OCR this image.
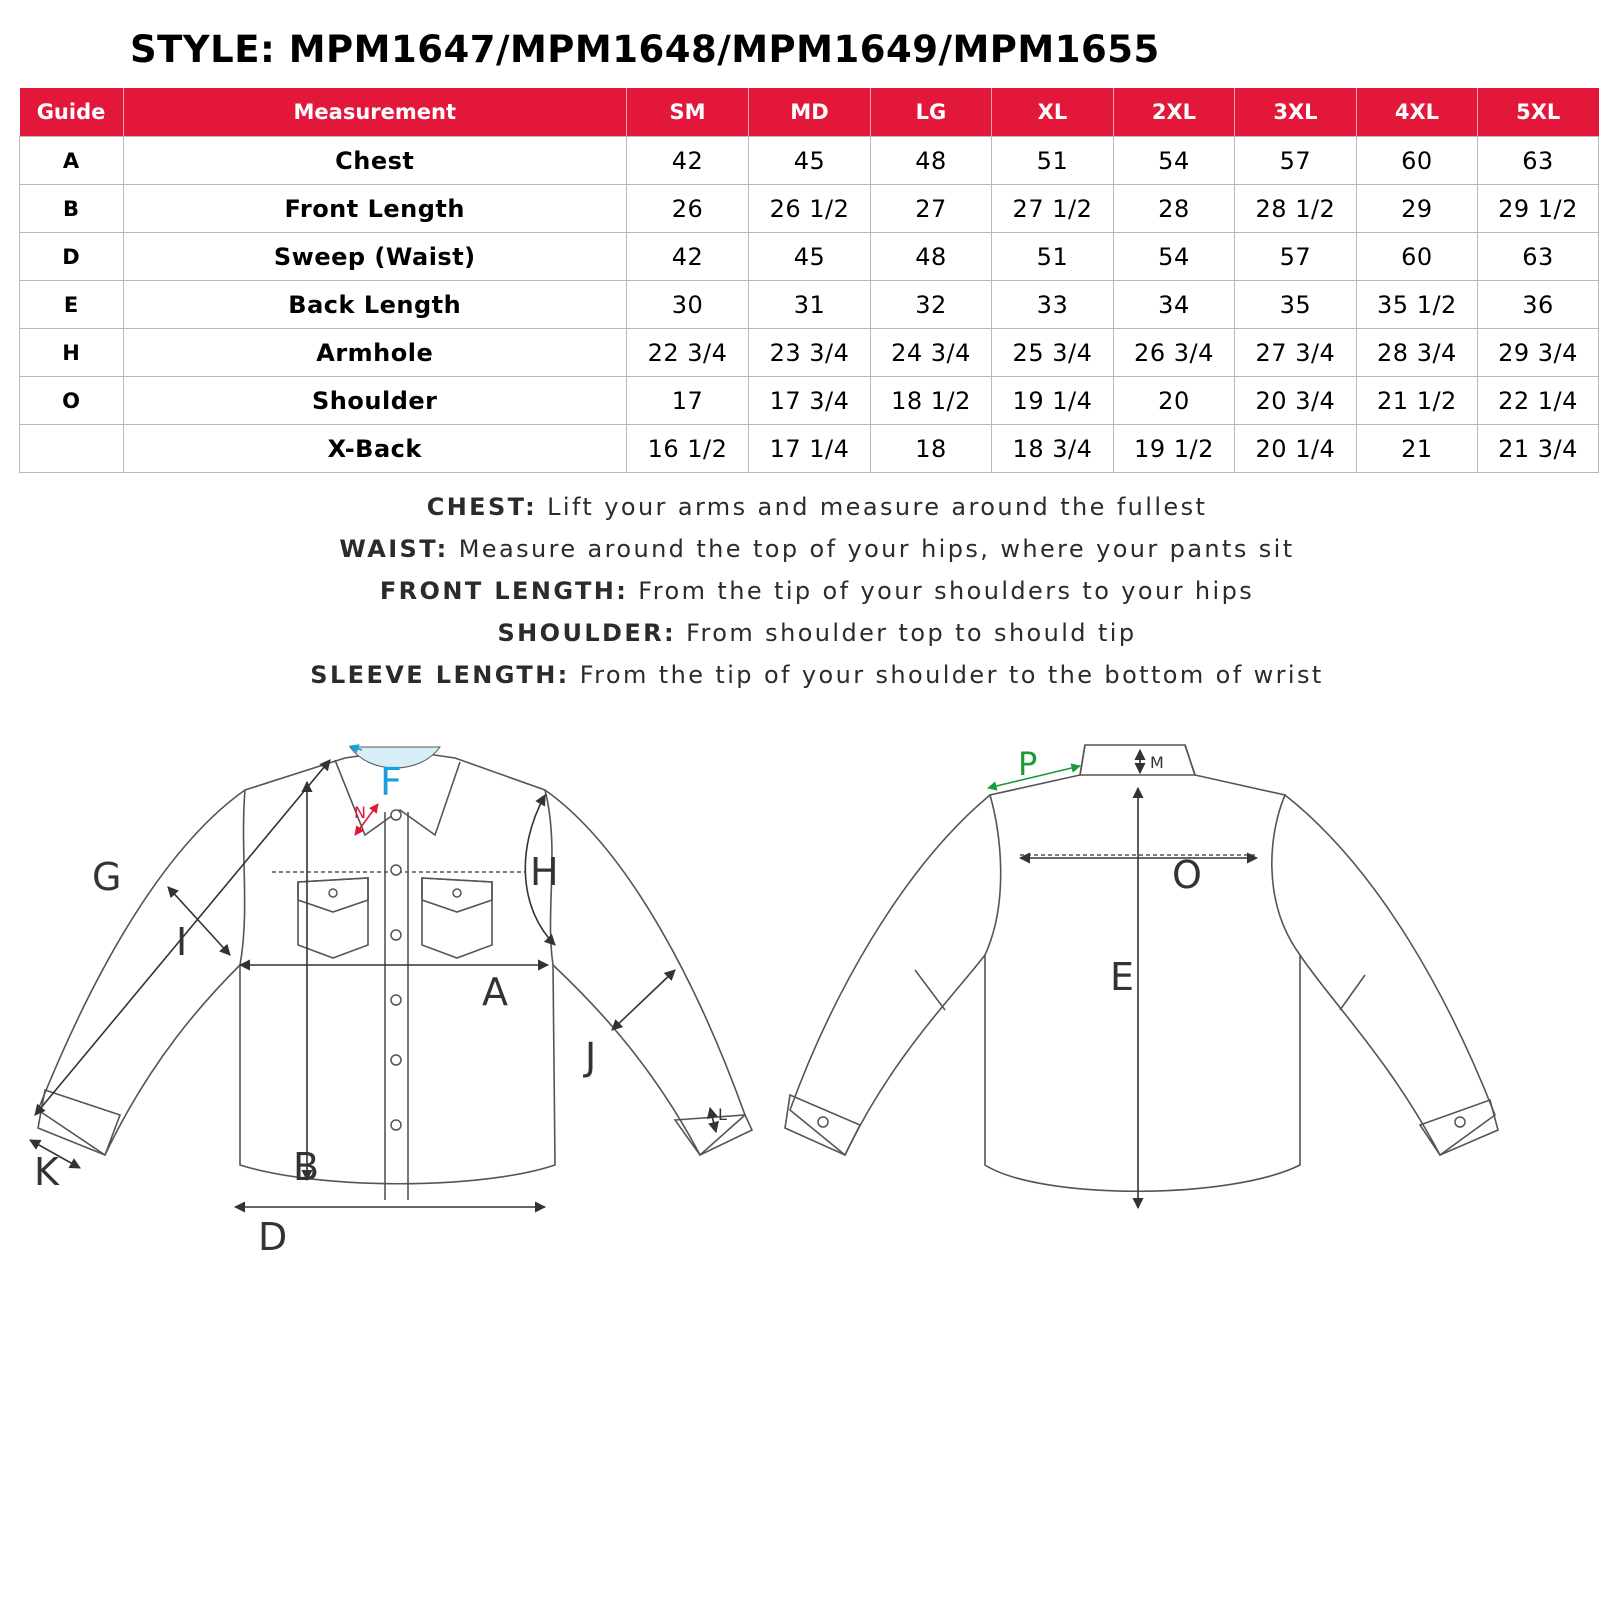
STYLE: MPM1647/MPM1648/MPM1649/MPM1655
Guide	Measurement	SM	MD	LG	XL	2XL	3XL	4XL	5XL
A	Chest	42	45	48	51	54	57	60	63
B	Front Length	26	26 1/2	27	27 1/2	28	28 1/2	29	29 1/2
D	Sweep (Waist)	42	45	48	51	54	57	60	63
E	Back Length	30	31	32	33	34	35	35 1/2	36
H	Armhole	22 3/4	23 3/4	24 3/4	25 3/4	26 3/4	27 3/4	28 3/4	29 3/4
O	Shoulder	17	17 3/4	18 1/2	19 1/4	20	20 3/4	21 1/2	22 1/4
	X-Back	16 1/2	17 1/4	18	18 3/4	19 1/2	20 1/4	21	21 3/4
CHEST: Lift your arms and measure around the fullest
WAIST: Measure around the top of your hips, where your pants sit
FRONT LENGTH: From the tip of your shoulders to your hips
SHOULDER: From shoulder top to should tip
SLEEVE LENGTH: From the tip of your shoulder to the bottom of wrist
A
B
D
F
G	H
I
J
K
L
N
E
O
M
P
